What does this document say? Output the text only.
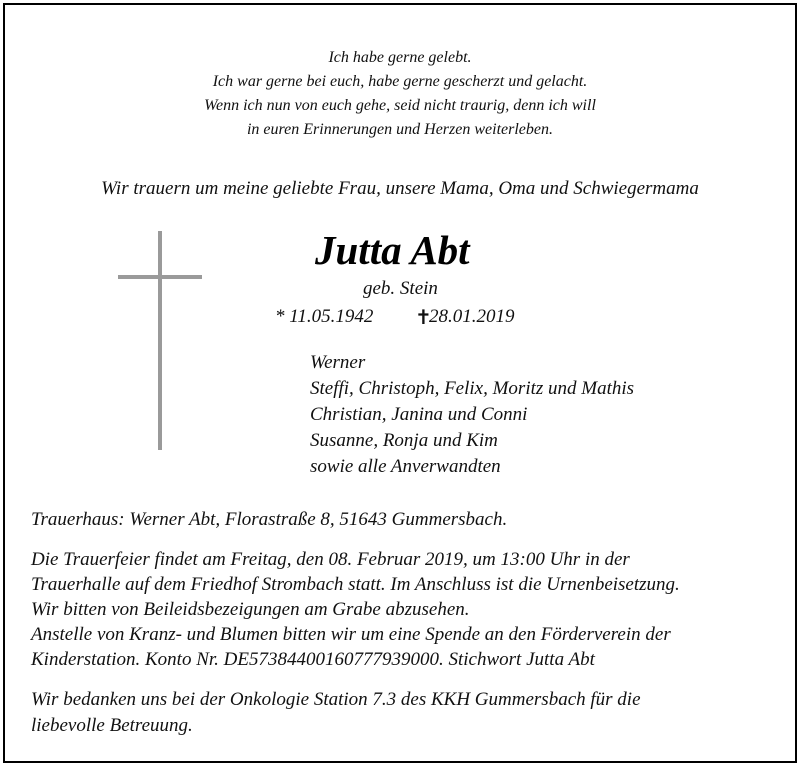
Ich habe gerne gelebt.
Ich war gerne bei euch, habe gerne gescherzt und gelacht.
Wenn ich nun von euch gehe, seid nicht traurig, denn ich will
in euren Erinnerungen und Herzen weiterleben.
Wir trauern um meine geliebte Frau, unsere Mama, Oma und Schwiegermama
Jutta Abt
geb. Stein
* 11.05.1942 ✝
28.01.2019
Werner
Steffi, Christoph, Felix, Moritz und Mathis
Christian, Janina und Conni
Susanne, Ronja und Kim
sowie alle Anverwandten
Trauerhaus: Werner Abt, Florastraße 8, 51643 Gummersbach.
Die Trauerfeier findet am Freitag, den 08. Februar 2019, um 13:00 Uhr in der
Trauerhalle auf dem Friedhof Strombach statt. Im Anschluss ist die Urnenbeisetzung.
Wir bitten von Beileidsbezeigungen am Grabe abzusehen.
Anstelle von Kranz- und Blumen bitten wir um eine Spende an den Förderverein der
Kinderstation. Konto Nr. DE57384400160777939000. Stichwort Jutta Abt
Wir bedanken uns bei der Onkologie Station 7.3 des KKH Gummersbach für die
liebevolle Betreuung.
